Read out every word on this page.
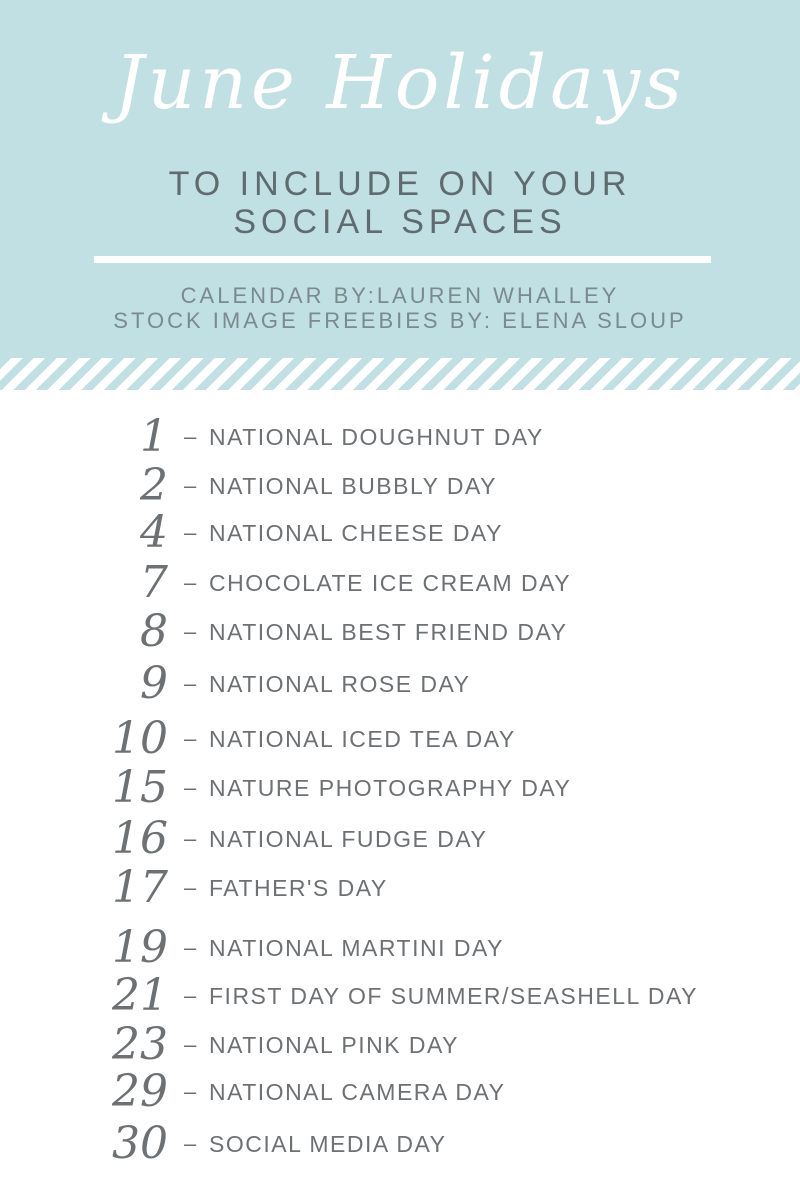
June Holidays
TO INCLUDE ON YOUR
SOCIAL SPACES
CALENDAR BY:LAUREN WHALLEY
STOCK IMAGE FREEBIES BY: ELENA SLOUP
1 – NATIONAL DOUGHNUT DAY
2 – NATIONAL BUBBLY DAY
4 – NATIONAL CHEESE DAY
7 – CHOCOLATE ICE CREAM DAY
8 – NATIONAL BEST FRIEND DAY
9 – NATIONAL ROSE DAY
10 – NATIONAL ICED TEA DAY
15 – NATURE PHOTOGRAPHY DAY
16 – NATIONAL FUDGE DAY
17 – FATHER'S DAY
19 – NATIONAL MARTINI DAY
21 – FIRST DAY OF SUMMER/SEASHELL DAY
23 – NATIONAL PINK DAY
29 – NATIONAL CAMERA DAY
30 – SOCIAL MEDIA DAY
